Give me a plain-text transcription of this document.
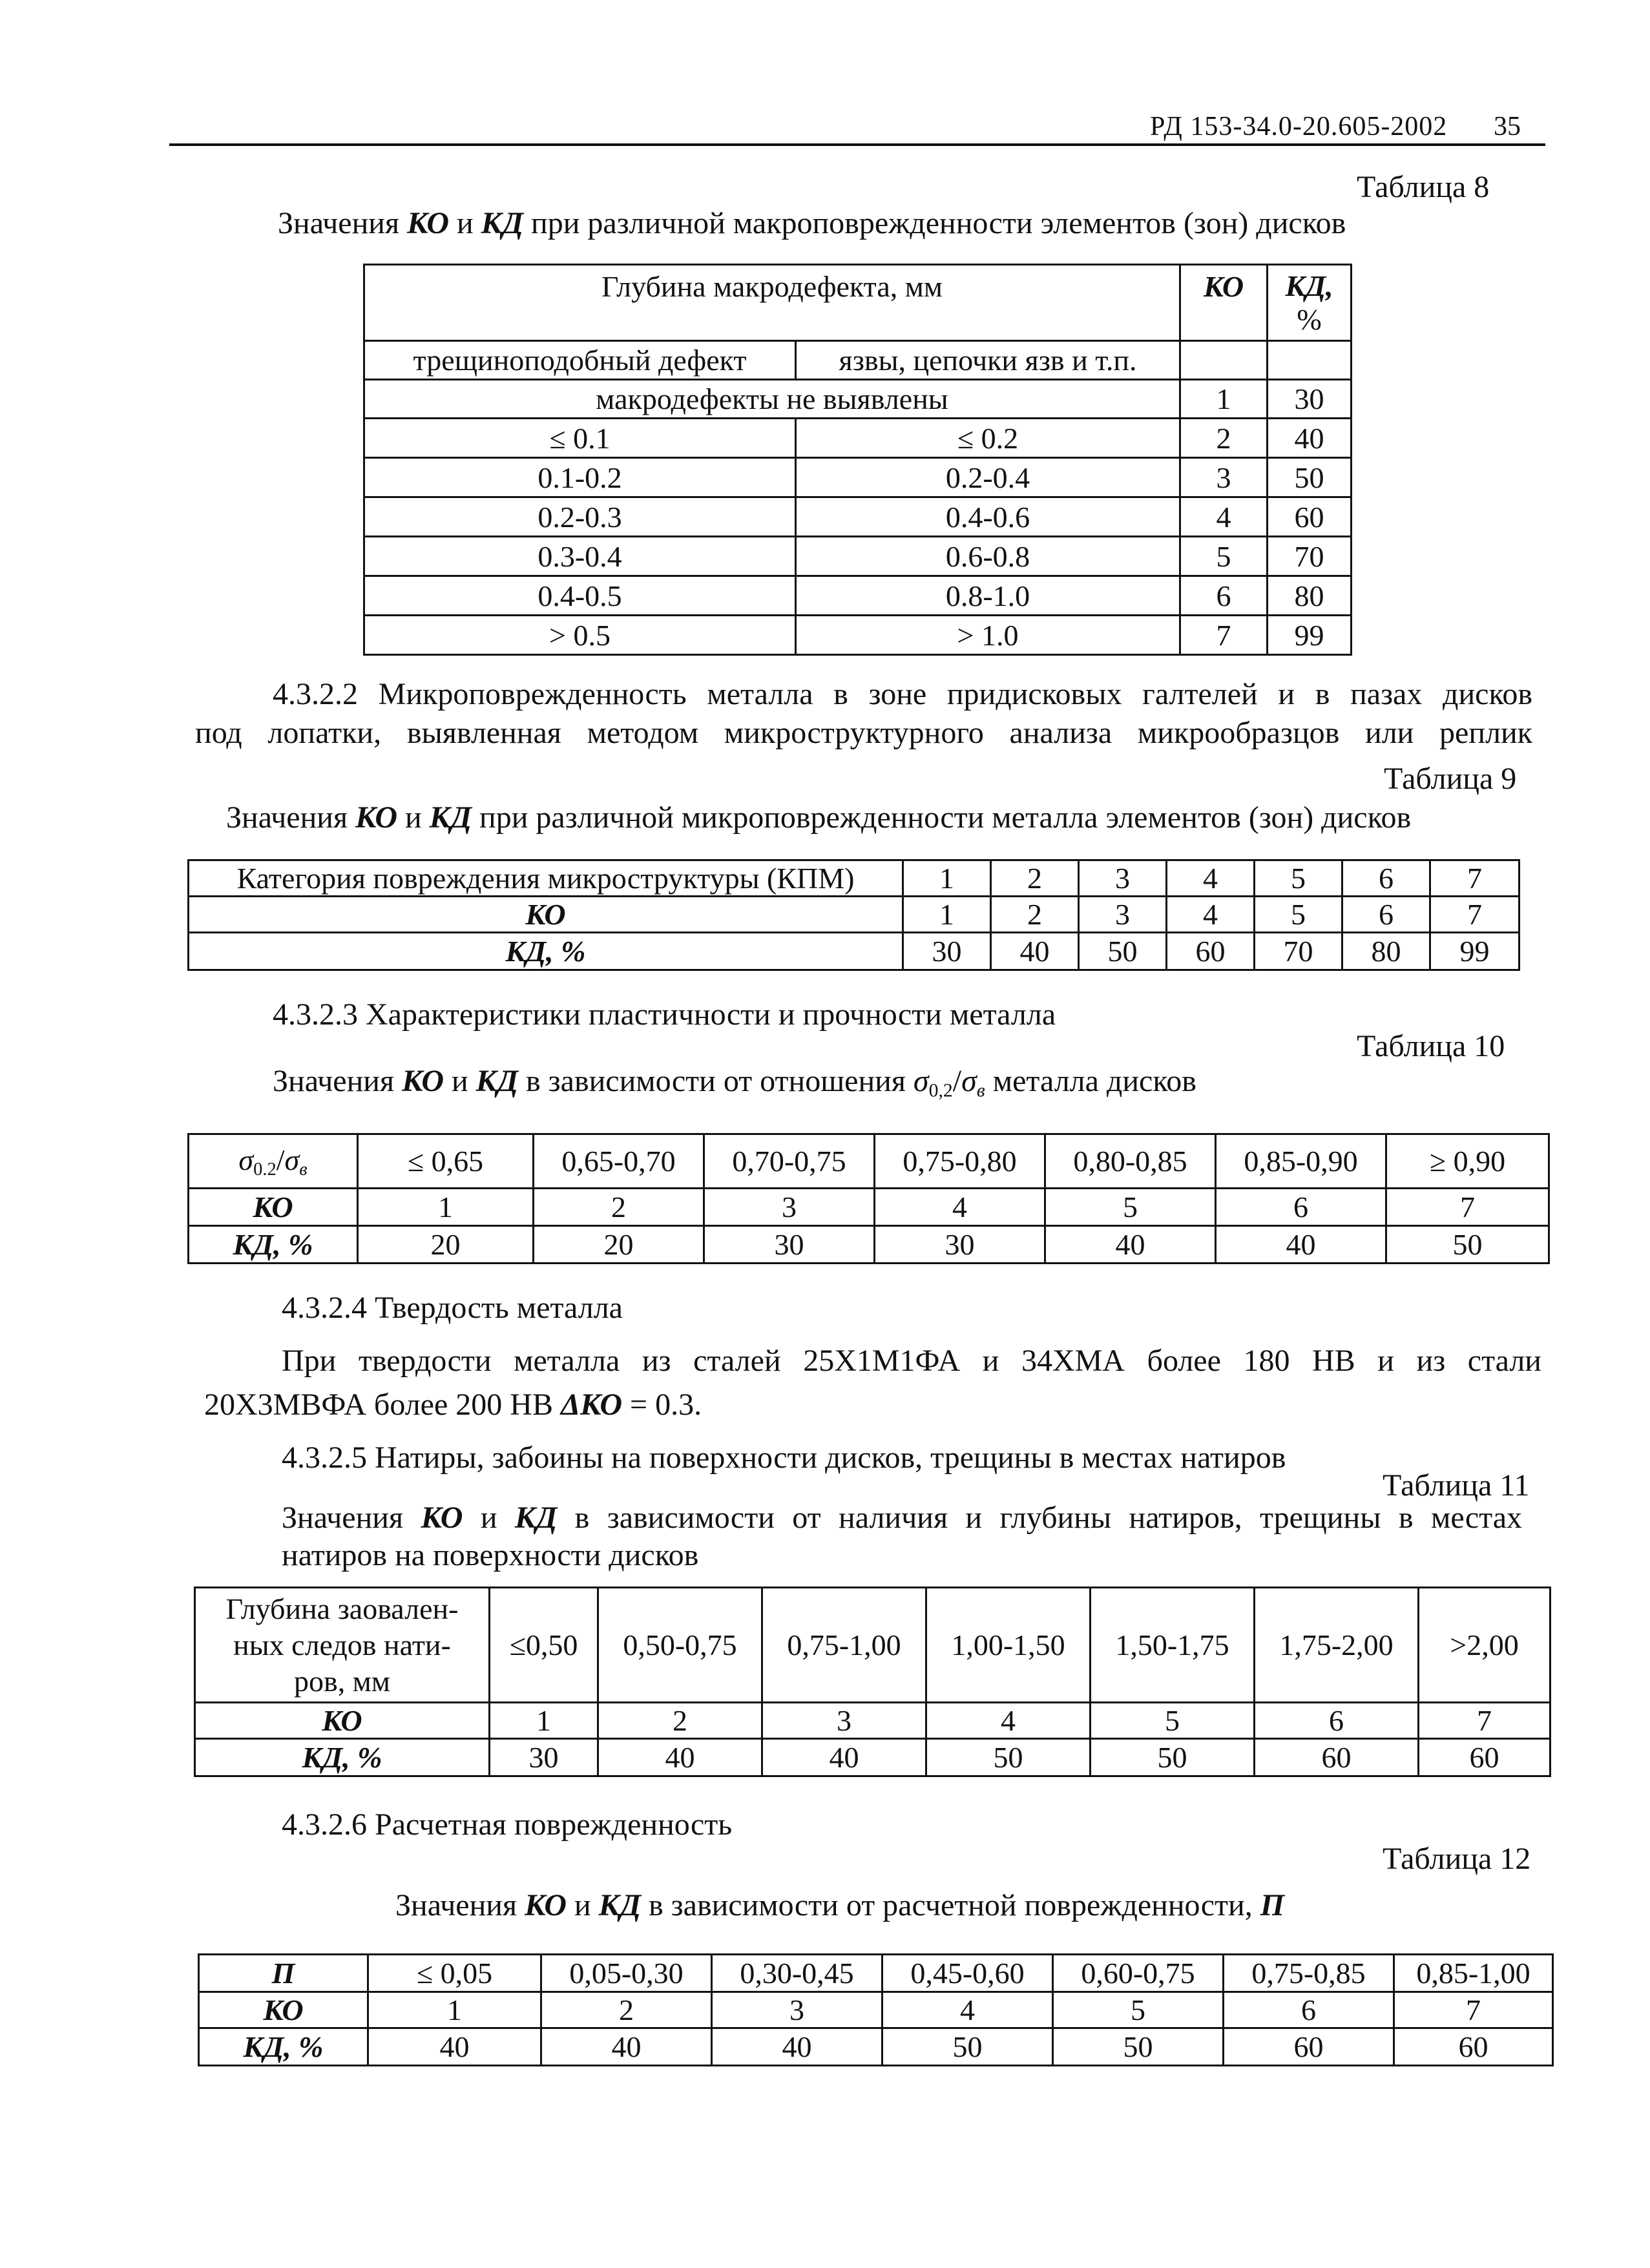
РД 153-34.0-20.605-2002 35
Таблица 8
Значения КО и КД при различной макроповрежденности элементов (зон) дисков
Глубина макродефекта, мм		КО	КД,
%
трещиноподобный дефект	язвы, цепочки язв и т.п.		
макродефекты не выявлены		1	30
≤ 0.1	≤ 0.2	2	40
0.1-0.2	0.2-0.4	3	50
0.2-0.3	0.4-0.6	4	60
0.3-0.4	0.6-0.8	5	70
0.4-0.5	0.8-1.0	6	80
> 0.5	> 1.0	7	99
4.3.2.2 Микроповрежденность металла в зоне придисковых галтелей и в пазах дисков
под лопатки, выявленная методом микроструктурного анализа микрообразцов или реплик
Таблица 9
Значения КО и КД при различной микроповрежденности металла элементов (зон) дисков
Категория повреждения микроструктуры (КПМ)	1	2	3	4	5	6	7
КО	1	2	3	4	5	6	7
КД, %	30	40	50	60	70	80	99
4.3.2.3 Характеристики пластичности и прочности металла
Таблица 10
Значения КО и КД в зависимости от отношения $\sigma_{0,2}/\sigma_в$ металла дисков
$\sigma_{0.2}/\sigma_в$	≤ 0,65	0,65-0,70	0,70-0,75	0,75-0,80	0,80-0,85	0,85-0,90	≥ 0,90
КО	1	2	3	4	5	6	7
КД, %	20	20	30	30	40	40	50
4.3.2.4 Твердость металла
При твердости металла из сталей 25Х1М1ФА и 34ХМА более 180 НВ и из стали
20Х3МВФА более 200 НВ ΔКО = 0.3.
4.3.2.5 Натиры, забоины на поверхности дисков, трещины в местах натиров
Таблица 11
Значения КО и КД в зависимости от наличия и глубины натиров, трещины в местах
натиров на поверхности дисков
Глубина заовален-
ных следов нати-
ров, мм	≤0,50	0,50-0,75	0,75-1,00	1,00-1,50	1,50-1,75	1,75-2,00	>2,00
КО	1	2	3	4	5	6	7
КД, %	30	40	40	50	50	60	60
4.3.2.6 Расчетная поврежденность
Таблица 12
Значения КО и КД в зависимости от расчетной поврежденности, П
П	≤ 0,05	0,05-0,30	0,30-0,45	0,45-0,60	0,60-0,75	0,75-0,85	0,85-1,00
КО	1	2	3	4	5	6	7
КД, %	40	40	40	50	50	60	60
